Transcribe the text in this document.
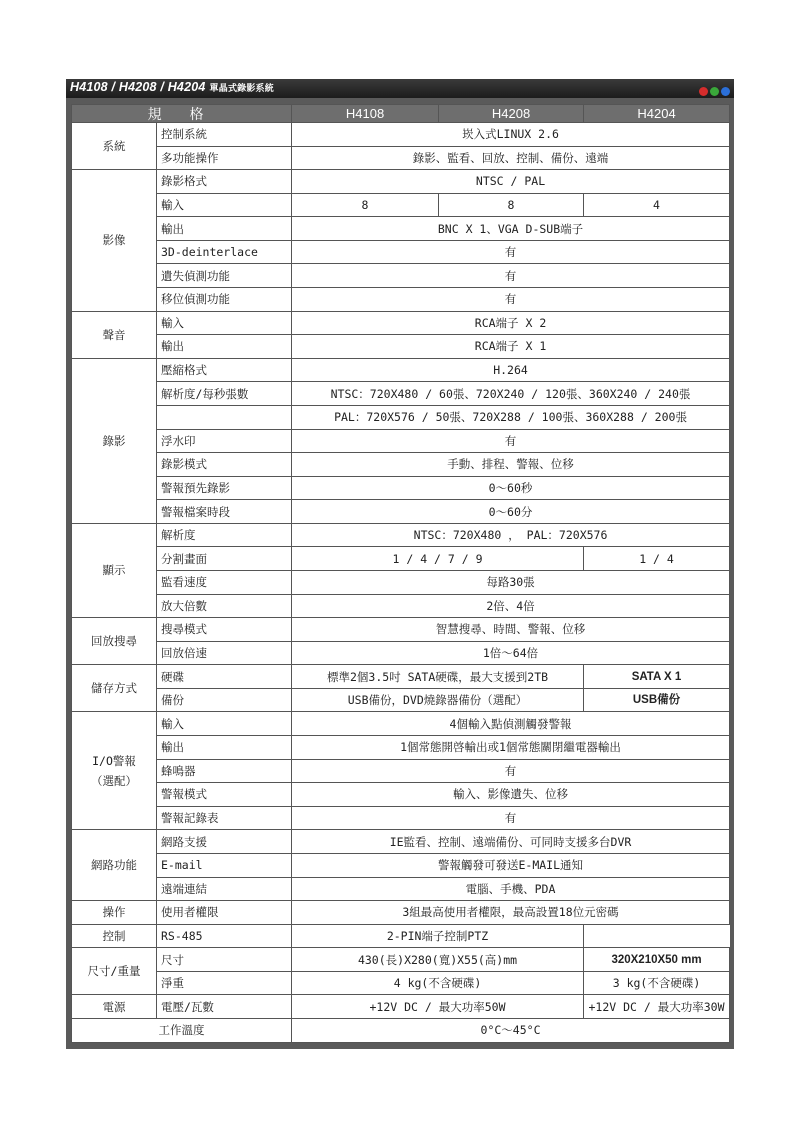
H4108 / H4208 / H4204 單晶式錄影系統
規 格		H4108	H4208	H4204
系統	控制系統	崁入式LINUX 2.6		
	多功能操作	錄影、監看、回放、控制、備份、遠端		
影像	錄影格式	NTSC / PAL		
	輸入	8	8	4
	輸出	BNC X 1、VGA D-SUB端子		
	3D-deinterlace	有		
	遺失偵測功能	有		
	移位偵測功能	有		
聲音	輸入	RCA端子 X 2		
	輸出	RCA端子 X 1		
錄影	壓縮格式	H.264		
	解析度/每秒張數	NTSC：720X480 / 60張、720X240 / 120張、360X240 / 240張		
		PAL：720X576 / 50張、720X288 / 100張、360X288 / 200張		
	浮水印	有		
	錄影模式	手動、排程、警報、位移		
	警報預先錄影	0～60秒		
	警報檔案時段	0～60分		
顯示	解析度	NTSC：720X480 ， PAL：720X576		
	分割畫面	1 / 4 / 7 / 9		1 / 4
	監看速度	每路30張		
	放大倍數	2倍、4倍		
回放搜尋	搜尋模式	智慧搜尋、時間、警報、位移		
	回放倍速	1倍～64倍		
儲存方式	硬碟	標準2個3.5吋 SATA硬碟，最大支援到2TB		SATA X 1
	備份	USB備份，DVD燒錄器備份（選配）		USB備份

I/O警報
（選配）	輸入	4個輸入點偵測觸發警報		
	輸出	1個常態開啓輸出或1個常態關閉繼電器輸出		
	蜂鳴器	有		
	警報模式	輸入、影像遺失、位移		
	警報記錄表	有		
網路功能	網路支援	IE監看、控制、遠端備份、可同時支援多台DVR		
	E-mail	警報觸發可發送E-MAIL通知		
	遠端連結	電腦、手機、PDA		
操作	使用者權限	3組最高使用者權限，最高設置18位元密碼		
控制	RS-485	2-PIN端子控制PTZ		
尺寸/重量	尺寸	430(長)X280(寬)X55(高)mm		320X210X50 mm
	淨重	4 kg(不含硬碟)		3 kg(不含硬碟)
電源	電壓/瓦數	+12V DC / 最大功率50W		+12V DC / 最大功率30W
工作溫度		0°C～45°C		
